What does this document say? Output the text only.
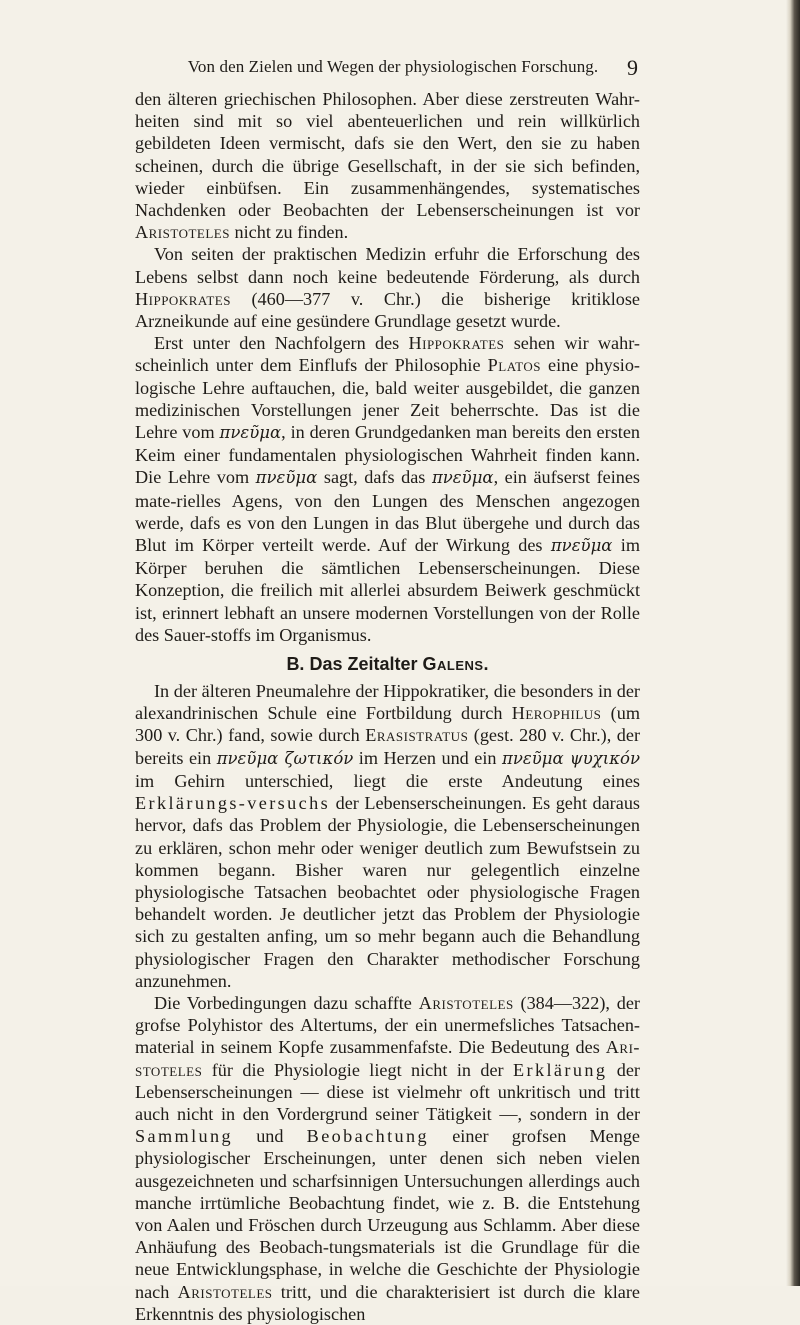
Von den Zielen und Wegen der physiologischen Forschung.	9

den älteren griechischen Philosophen. Aber diese zerstreuten Wahr-heiten sind mit so viel abenteuerlichen und rein willkürlich gebildeten Ideen vermischt, dafs sie den Wert, den sie zu haben scheinen, durch die übrige Gesellschaft, in der sie sich befinden, wieder einbüfsen. Ein zusammenhängendes, systematisches Nachdenken oder Beobachten der Lebenserscheinungen ist vor Aristoteles nicht zu finden.

Von seiten der praktischen Medizin erfuhr die Erforschung des Lebens selbst dann noch keine bedeutende Förderung, als durch Hippokrates (460—377 v. Chr.) die bisherige kritiklose Arzneikunde auf eine gesündere Grundlage gesetzt wurde.

Erst unter den Nachfolgern des Hippokrates sehen wir wahr-scheinlich unter dem Einflufs der Philosophie Platos eine physio-logische Lehre auftauchen, die, bald weiter ausgebildet, die ganzen medizinischen Vorstellungen jener Zeit beherrschte. Das ist die Lehre vom πνεῦμα, in deren Grundgedanken man bereits den ersten Keim einer fundamentalen physiologischen Wahrheit finden kann. Die Lehre vom πνεῦμα sagt, dafs das πνεῦμα, ein äufserst feines mate-rielles Agens, von den Lungen des Menschen angezogen werde, dafs es von den Lungen in das Blut übergehe und durch das Blut im Körper verteilt werde. Auf der Wirkung des πνεῦμα im Körper beruhen die sämtlichen Lebenserscheinungen. Diese Konzeption, die freilich mit allerlei absurdem Beiwerk geschmückt ist, erinnert lebhaft an unsere modernen Vorstellungen von der Rolle des Sauer-stoffs im Organismus.

B. Das Zeitalter Galens.

In der älteren Pneumalehre der Hippokratiker, die besonders in der alexandrinischen Schule eine Fortbildung durch Herophilus (um 300 v. Chr.) fand, sowie durch Erasistratus (gest. 280 v. Chr.), der bereits ein πνεῦμα ζωτικόν im Herzen und ein πνεῦμα ψυχικόν im Gehirn unterschied, liegt die erste Andeutung eines Erklärungs-versuchs der Lebenserscheinungen. Es geht daraus hervor, dafs das Problem der Physiologie, die Lebenserscheinungen zu erklären, schon mehr oder weniger deutlich zum Bewufstsein zu kommen begann. Bisher waren nur gelegentlich einzelne physiologische Tatsachen beobachtet oder physiologische Fragen behandelt worden. Je deutlicher jetzt das Problem der Physiologie sich zu gestalten anfing, um so mehr begann auch die Behandlung physiologischer Fragen den Charakter methodischer Forschung anzunehmen.

Die Vorbedingungen dazu schaffte Aristoteles (384—322), der grofse Polyhistor des Altertums, der ein unermefsliches Tatsachen-material in seinem Kopfe zusammenfafste. Die Bedeutung des Ari-stoteles für die Physiologie liegt nicht in der Erklärung der Lebenserscheinungen — diese ist vielmehr oft unkritisch und tritt auch nicht in den Vordergrund seiner Tätigkeit —, sondern in der Sammlung und Beobachtung einer grofsen Menge physiologischer Erscheinungen, unter denen sich neben vielen ausgezeichneten und scharfsinnigen Untersuchungen allerdings auch manche irrtümliche Beobachtung findet, wie z. B. die Entstehung von Aalen und Fröschen durch Urzeugung aus Schlamm. Aber diese Anhäufung des Beobach-tungsmaterials ist die Grundlage für die neue Entwicklungsphase, in welche die Geschichte der Physiologie nach Aristoteles tritt, und die charakterisiert ist durch die klare Erkenntnis des physiologischen
